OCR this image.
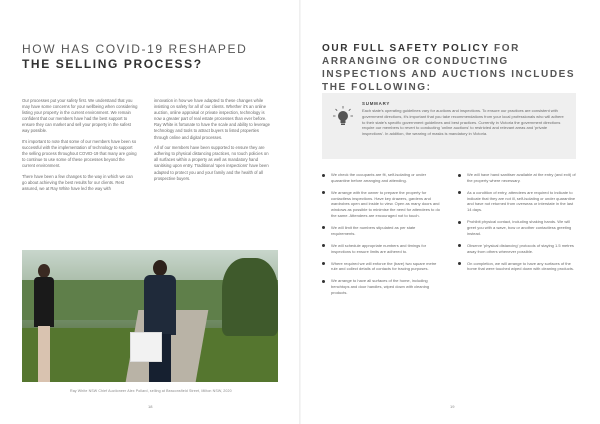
HOW HAS COVID-19 RESHAPED
THE SELLING PROCESS?

Our processes put your safety first. We understand that you may have some concerns for your wellbeing when considering listing your property in the current environment. We remain confident that our members have had the best support to ensure they can market and sell your property in the safest way possible.

It's important to note that some of our members have been so successful with the implementation of technology to support the selling process throughout COVID-19 that many are going to continue to use some of these processes beyond the current environment.

There have been a few changes to the way in which we can go about achieving the best results for our clients. Rest assured, we at Ray White have led the way with

innovation in how we have adapted to these changes while insisting on safety for all of our clients. Whether it's an online auction, online appraisal or private inspection, technology is now a greater part of real estate processes than ever before. Ray White is fortunate to have the scale and ability to leverage technology and tools to attract buyers to listed properties through online and digital processes.

All of our members have been supported to ensure they are adhering to physical distancing practices, no touch policies on all surfaces within a property as well as mandatory hand sanitising upon entry. Traditional 'open inspections' have been adapted to protect you and your family and the health of all prospective buyers.

Ray White NSW Chief Auctioneer Alex Pollard, selling at Beaconsfield Street, Milton NSW, 2020
18
OUR FULL SAFETY POLICY FOR ARRANGING OR CONDUCTING INSPECTIONS AND AUCTIONS INCLUDES THE FOLLOWING:
SUMMARY
Each state's operating guidelines vary for auctions and inspections. To ensure our practices are consistent with government directions, it's important that you take recommendations from your local professionals who will adhere to their state's specific government guidelines and best practices. Currently in Victoria the government directions require our members to revert to conducting 'online auctions' to restricted and relevant areas and 'private inspections'. In addition, the wearing of masks is mandatory in Victoria.
We check the occupants are fit, self-isolating or under quarantine before arranging and attending.
We arrange with the owner to prepare the property for contactless inspections. Have key drawers, gardens and wardrobes open and inside to view. Open as many doors and windows as possible to minimise the need for attendees to do the same. Attendees are encouraged not to touch.
We will limit the numbers stipulated as per state requirements.
We will schedule appropriate numbers and timings for inspections to ensure limits are adhered to.
Where required we will enforce the (bare) two square metre rule and collect details of contacts for tracing purposes.
We arrange to have all surfaces of the home, including benchtops and door handles, wiped down with cleaning products.
We will have hand sanitiser available at the entry (and exit) of the property where necessary.
As a condition of entry, attendees are required to indicate to indicate that they are not ill, self-isolating or under quarantine and have not returned from overseas or interstate in the last 14 days.
Prohibit physical contact, including shaking hands. We will greet you with a wave, bow or another contactless greeting instead.
Observe 'physical distancing' protocols of staying 1.5 metres away from others whenever possible.
On completion, we will arrange to have any surfaces of the home that were touched wiped down with cleaning products.
19
